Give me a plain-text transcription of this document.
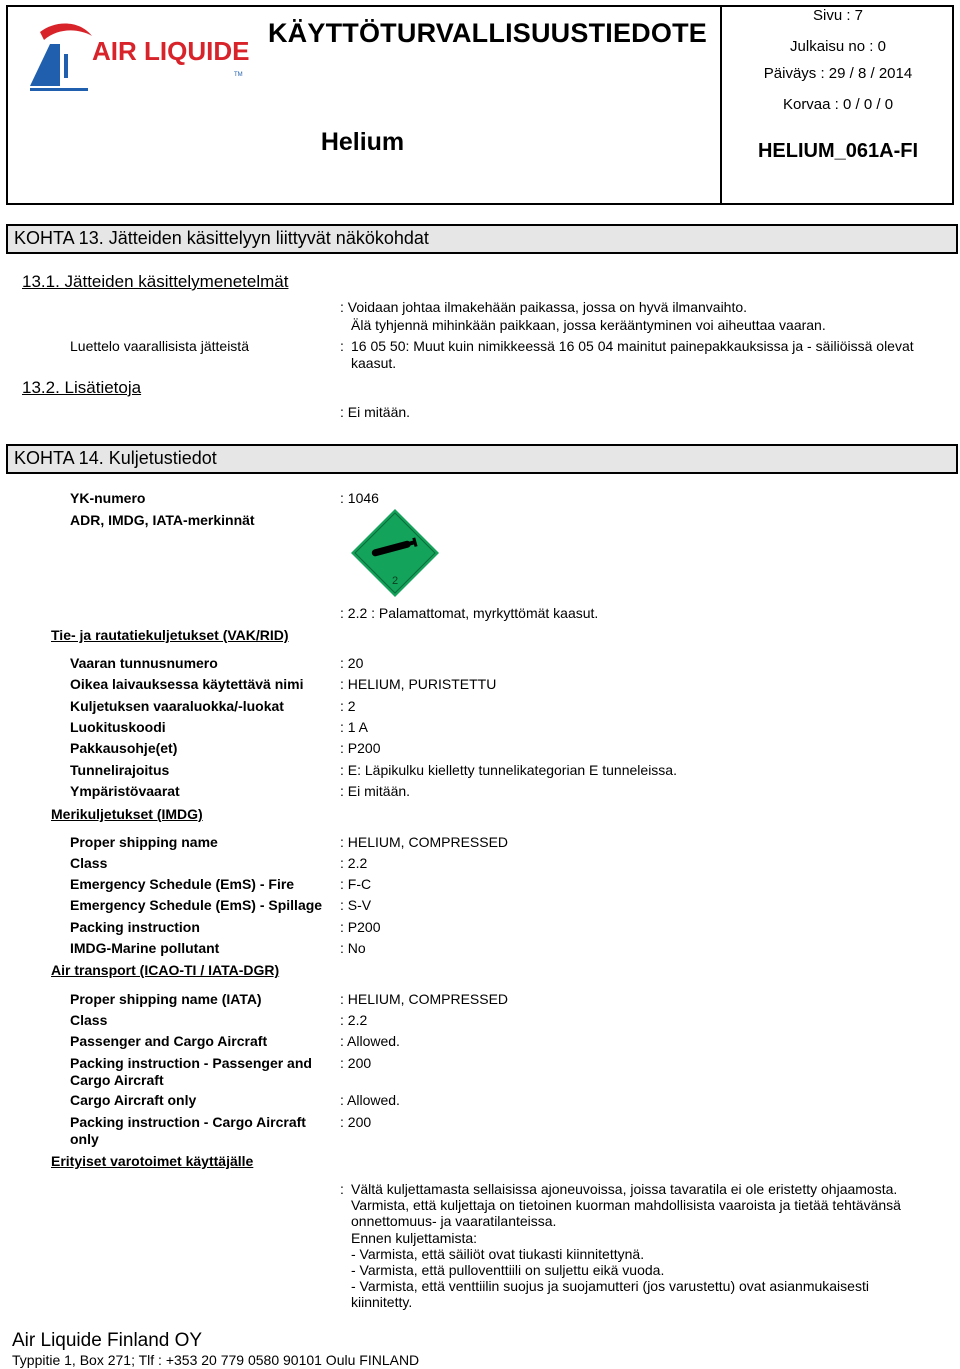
AIR LIQUIDE
TM
KÄYTTÖTURVALLISUUSTIEDOTE
Helium
Sivu : 7
Julkaisu no : 0
Päiväys : 29 / 8 / 2014
Korvaa : 0 / 0 / 0
HELIUM_061A-FI
KOHTA 13. Jätteiden käsittelyyn liittyvät näkökohdat
13.1. Jätteiden käsittelymenetelmät
: Voidaan johtaa ilmakehään paikassa, jossa on hyvä ilmanvaihto.
Älä tyhjennä mihinkään paikkaan, jossa kerääntyminen voi aiheuttaa vaaran.
Luettelo vaarallisista jätteistä	: 16 05 50: Muut kuin nimikkeessä 16 05 04 mainitut painepakkauksissa ja - säiliöissä olevat kaasut.
13.2. Lisätietoja
: Ei mitään.
KOHTA 14. Kuljetustiedot
YK-numero	: 1046
ADR, IMDG, IATA-merkinnät
2
: 2.2 : Palamattomat, myrkyttömät kaasut.
Tie- ja rautatiekuljetukset (VAK/RID)
Vaaran tunnusnumero	: 20
Oikea laivauksessa käytettävä nimi	: HELIUM, PURISTETTU
Kuljetuksen vaaraluokka/-luokat	: 2
Luokituskoodi	: 1 A
Pakkausohje(et)	: P200
Tunnelirajoitus	: E: Läpikulku kielletty tunnelikategorian E tunneleissa.
Ympäristövaarat	: Ei mitään.
Merikuljetukset (IMDG)
Proper shipping name	: HELIUM, COMPRESSED
Class	: 2.2
Emergency Schedule (EmS) - Fire	: F-C
Emergency Schedule (EmS) - Spillage : S-V
Packing instruction	: P200
IMDG-Marine pollutant	: No
Air transport (ICAO-TI / IATA-DGR)
Proper shipping name (IATA)	: HELIUM, COMPRESSED
Class	: 2.2
Passenger and Cargo Aircraft	: Allowed.
Packing instruction - Passenger and Cargo Aircraft
: 200
Cargo Aircraft only	: Allowed.
Packing instruction - Cargo Aircraft only
: 200
Erityiset varotoimet käyttäjälle
: Vältä kuljettamasta sellaisissa ajoneuvoissa, joissa tavaratila ei ole eristetty ohjaamosta.
Varmista, että kuljettaja on tietoinen kuorman mahdollisista vaaroista ja tietää tehtävänsä
onnettomuus- ja vaaratilanteissa.
Ennen kuljettamista:
- Varmista, että säiliöt ovat tiukasti kiinnitettynä.
- Varmista, että pulloventtiili on suljettu eikä vuoda.
- Varmista, että venttiilin suojus ja suojamutteri (jos varustettu) ovat asianmukaisesti
kiinnitetty.
Air Liquide Finland OY
Typpitie 1, Box 271; Tlf : +353 20 779 0580 90101 Oulu FINLAND
